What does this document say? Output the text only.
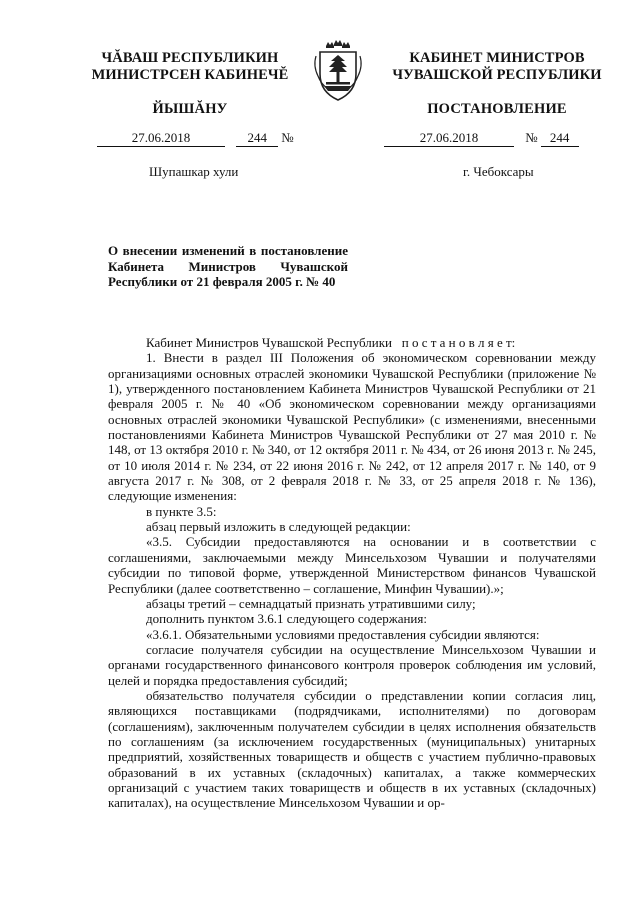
ЧĂВАШ РЕСПУБЛИКИН
МИНИСТРСЕН КАБИНЕЧĔ
ЙЫШĂНУ
КАБИНЕТ МИНИСТРОВ
ЧУВАШСКОЙ РЕСПУБЛИКИ
ПОСТАНОВЛЕНИЕ
27.06.2018	244 №	27.06.2018	№ 244
Шупашкар хули	г. Чебоксары
О внесении изменений в постановление Кабинета Министров Чувашской Республики от 21 февраля 2005 г. № 40

Кабинет Министров Чувашской Республики п о с т а н о в л я е т:

1. Внести в раздел III Положения об экономическом соревновании между организациями основных отраслей экономики Чувашской Республики (приложение № 1), утвержденного постановлением Кабинета Министров Чувашской Республики от 21 февраля 2005 г. № 40 «Об экономическом соревновании между организациями основных отраслей экономики Чувашской Республики» (с изменениями, внесенными постановлениями Кабинета Министров Чувашской Республики от 27 мая 2010 г. № 148, от 13 октября 2010 г. № 340, от 12 октября 2011 г. № 434, от 26 июня 2013 г. № 245, от 10 июля 2014 г. № 234, от 22 июня 2016 г. № 242, от 12 апреля 2017 г. № 140, от 9 августа 2017 г. № 308, от 2 февраля 2018 г. № 33, от 25 апреля 2018 г. № 136), следующие изменения:

в пункте 3.5:

абзац первый изложить в следующей редакции:

«3.5. Субсидии предоставляются на основании и в соответствии с соглашениями, заключаемыми между Минсельхозом Чувашии и получателями субсидии по типовой форме, утвержденной Министерством финансов Чувашской Республики (далее соответственно – соглашение, Минфин Чувашии).»;

абзацы третий – семнадцатый признать утратившими силу;

дополнить пунктом 3.6.1 следующего содержания:

«3.6.1. Обязательными условиями предоставления субсидии являются:

согласие получателя субсидии на осуществление Минсельхозом Чувашии и органами государственного финансового контроля проверок соблюдения им условий, целей и порядка предоставления субсидий;

обязательство получателя субсидии о представлении копии согласия лиц, являющихся поставщиками (подрядчиками, исполнителями) по договорам (соглашениям), заключенным получателем субсидии в целях исполнения обязательств по соглашениям (за исключением государственных (муниципальных) унитарных предприятий, хозяйственных товариществ и обществ с участием публично-правовых образований в их уставных (складочных) капиталах, а также коммерческих организаций с участием таких товариществ и обществ в их уставных (складочных) капиталах), на осуществление Минсельхозом Чувашии и ор-
